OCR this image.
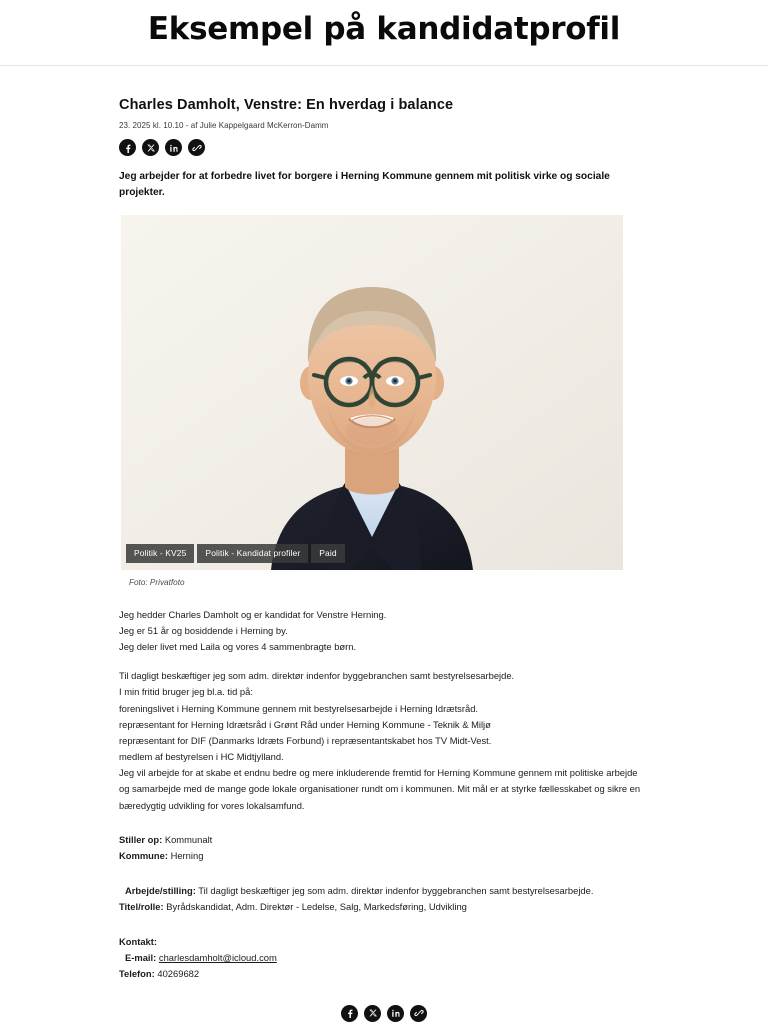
Eksempel på kandidatprofil
Charles Damholt, Venstre: En hverdag i balance
23. 2025 kl. 10.10 - af Julie Kappelgaard McKerron-Damm

Jeg arbejder for at forbedre livet for borgere i Herning Kommune gennem mit politisk virke og sociale projekter.

Politik - KV25	Politik - Kandidat profiler	Paid
Foto: Privatfoto

Jeg hedder Charles Damholt og er kandidat for Venstre Herning.

Jeg er 51 år og bosiddende i Herning by.

Jeg deler livet med Laila og vores 4 sammenbragte børn.

Til dagligt beskæftiger jeg som adm. direktør indenfor byggebranchen samt bestyrelsesarbejde.

I min fritid bruger jeg bl.a. tid på:

foreningslivet i Herning Kommune gennem mit bestyrelsesarbejde i Herning Idrætsråd.

repræsentant for Herning Idrætsråd i Grønt Råd under Herning Kommune - Teknik & Miljø

repræsentant for DIF (Danmarks Idræts Forbund) i repræsentantskabet hos TV Midt-Vest.

medlem af bestyrelsen i HC Midtjylland.

Jeg vil arbejde for at skabe et endnu bedre og mere inkluderende fremtid for Herning Kommune gennem mit politiske arbejde og samarbejde med de mange gode lokale organisationer rundt om i kommunen. Mit mål er at styrke fællesskabet og sikre en bæredygtig udvikling for vores lokalsamfund.

Stiller op: Kommunalt
Kommune: Herning
Arbejde/stilling: Til dagligt beskæftiger jeg som adm. direktør indenfor byggebranchen samt bestyrelsesarbejde.
Titel/rolle: Byrådskandidat, Adm. Direktør - Ledelse, Salg, Markedsføring, Udvikling
Kontakt:
E-mail: charlesdamholt@icloud.com
Telefon: 40269682
